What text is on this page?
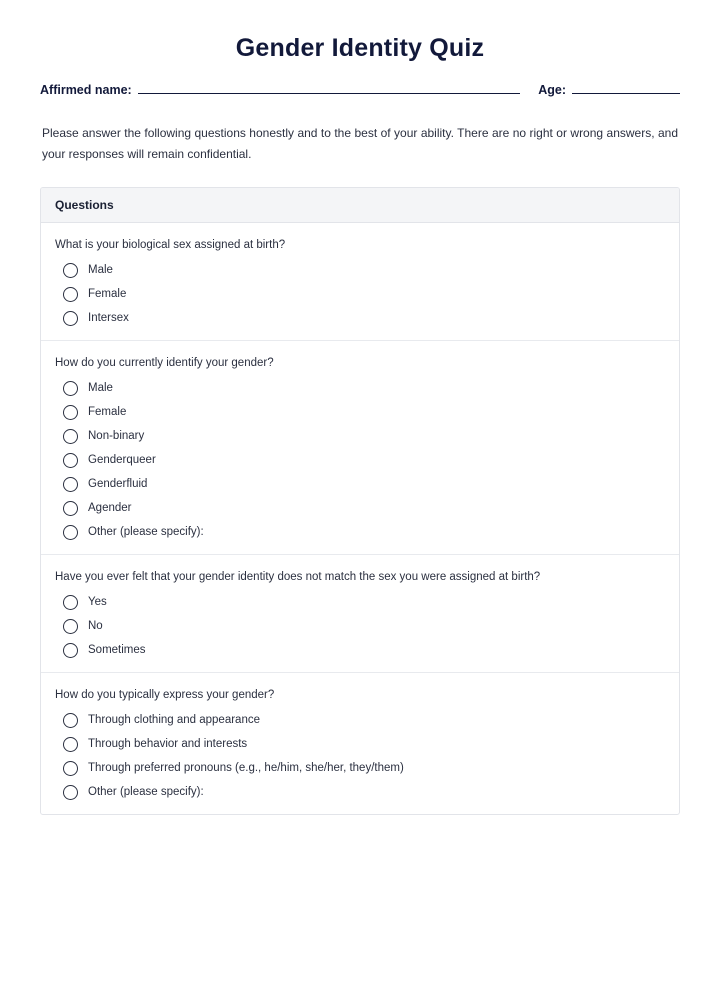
Gender Identity Quiz
Affirmed name:	Age:
Please answer the following questions honestly and to the best of your ability. There are no right or wrong answers, and your responses will remain confidential.
Questions
What is your biological sex assigned at birth?
Male
Female
Intersex
How do you currently identify your gender?
Male
Female
Non-binary
Genderqueer
Genderfluid
Agender
Other (please specify):
Have you ever felt that your gender identity does not match the sex you were assigned at birth?
Yes
No
Sometimes
How do you typically express your gender?
Through clothing and appearance
Through behavior and interests
Through preferred pronouns (e.g., he/him, she/her, they/them)
Other (please specify):
